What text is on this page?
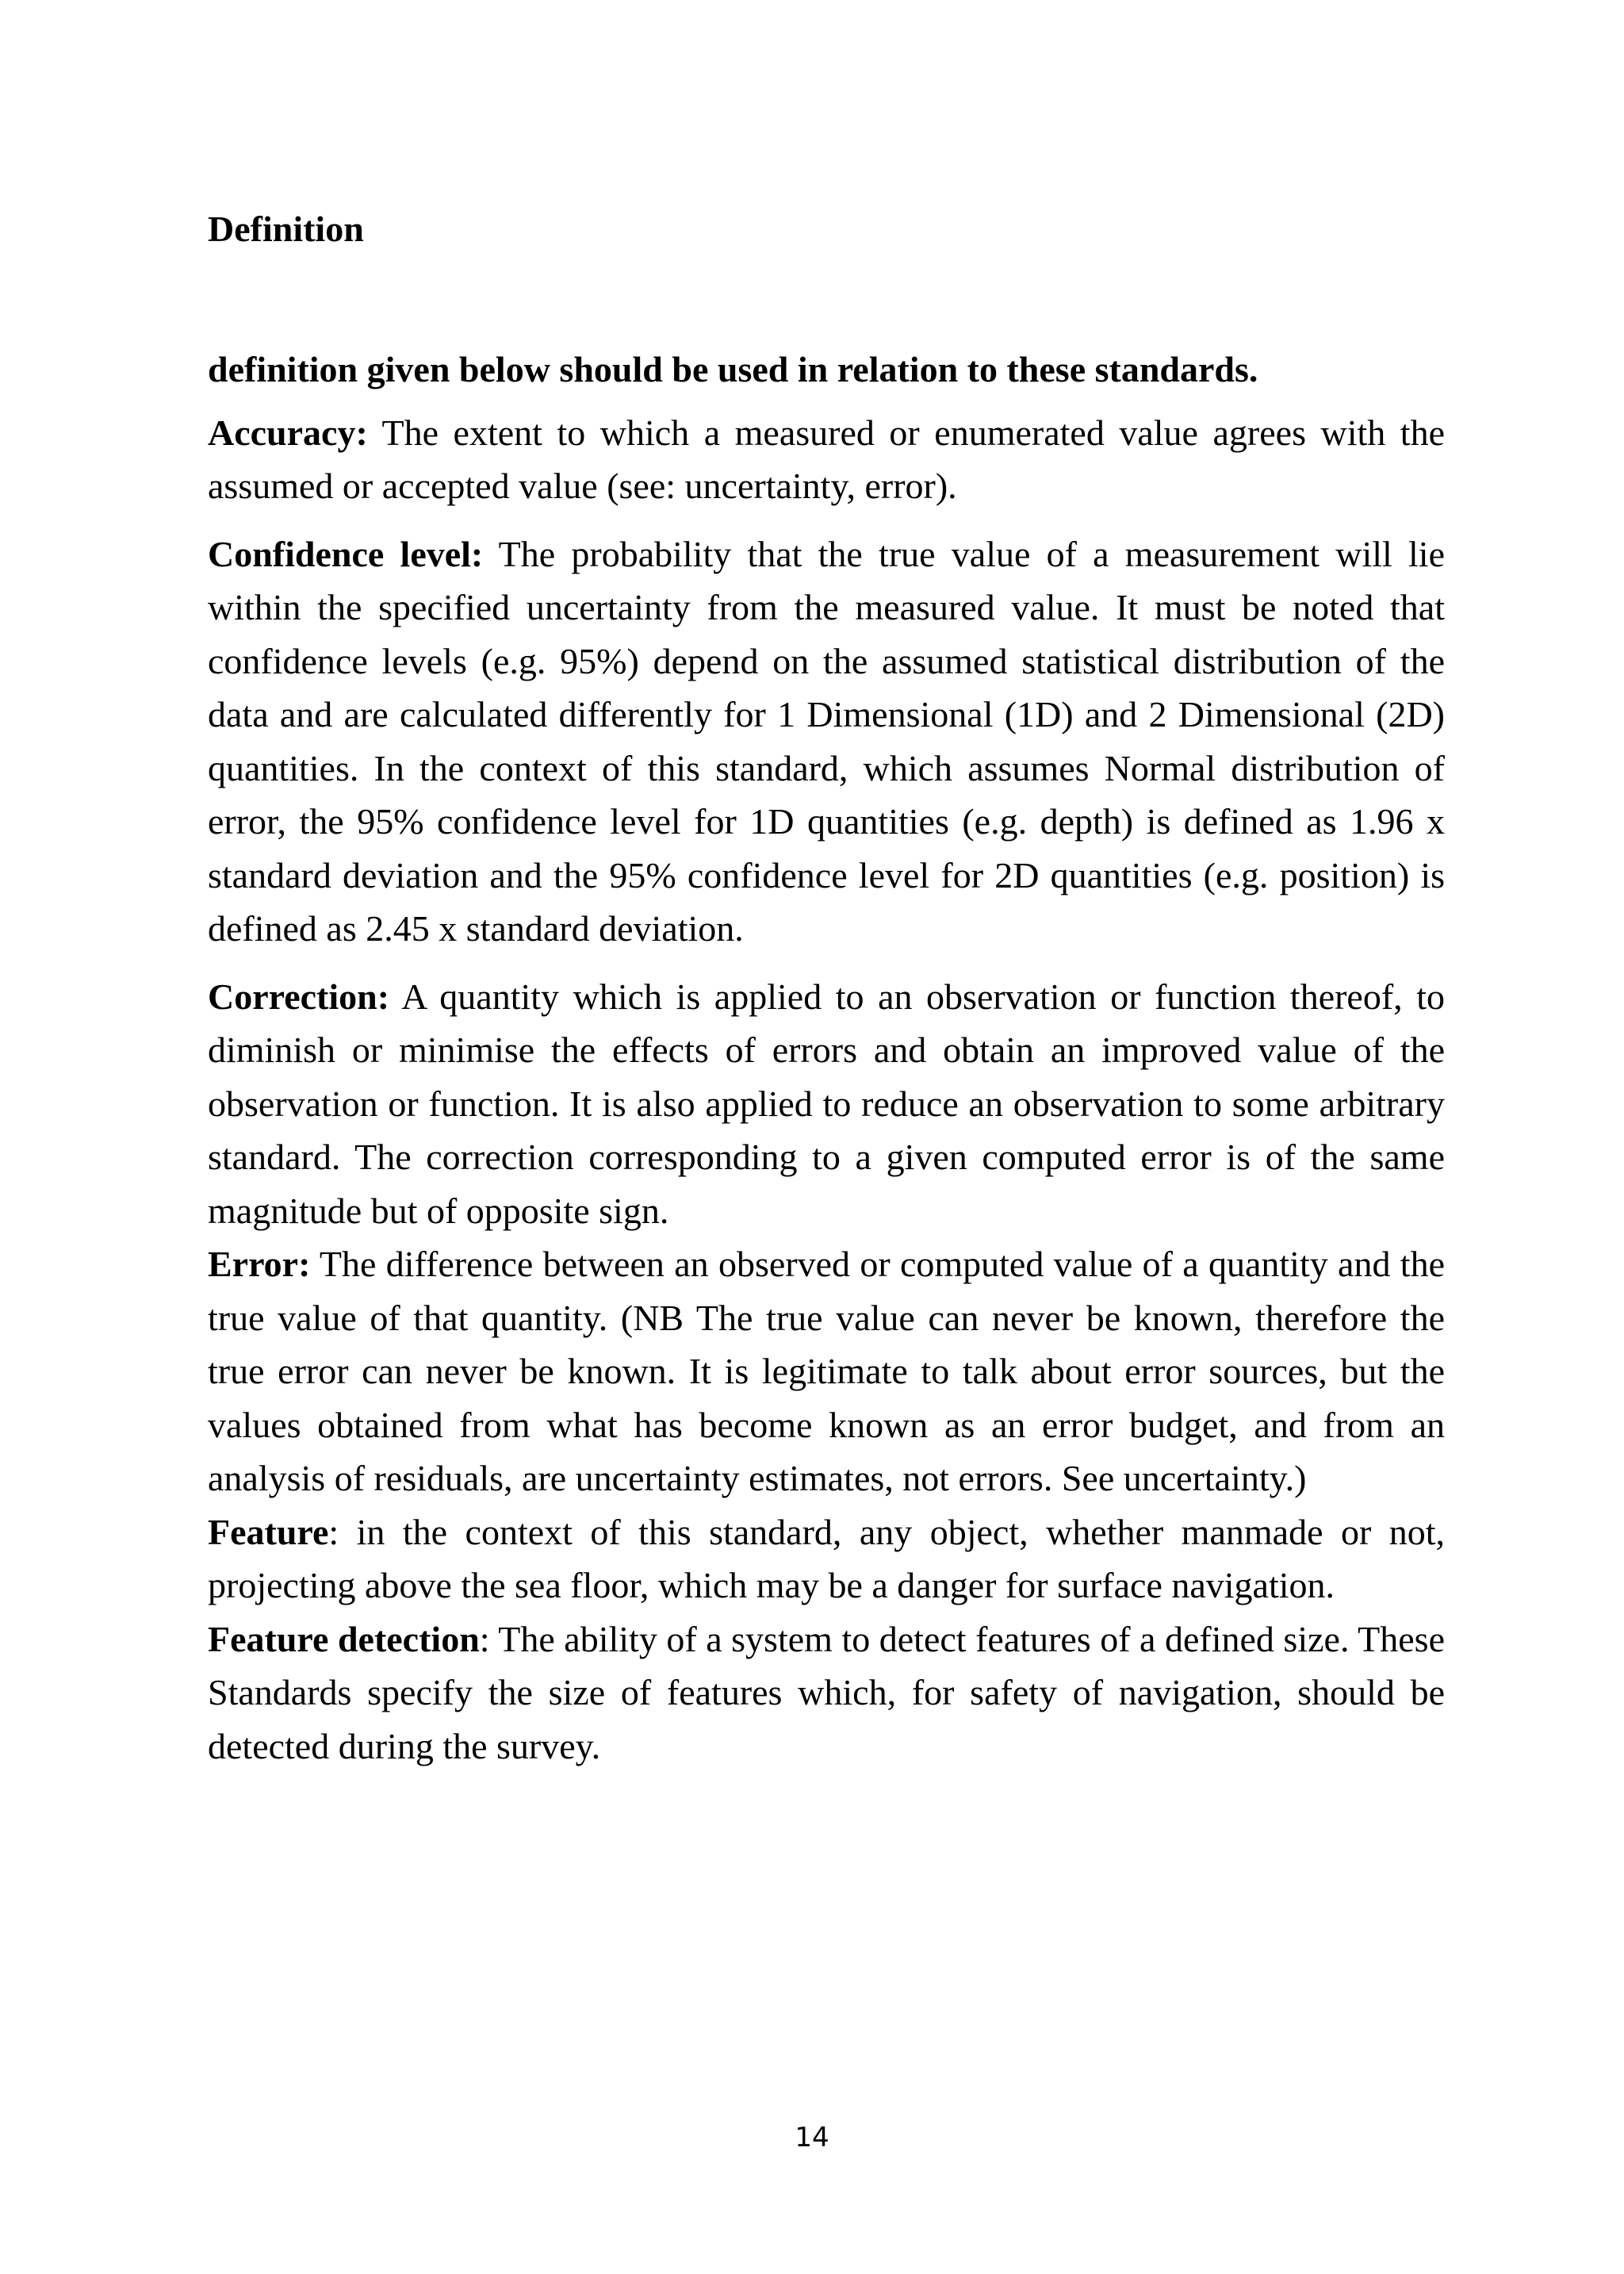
Definition

definition given below should be used in relation to these standards.

Accuracy: The extent to which a measured or enumerated value agrees with the assumed or accepted value (see: uncertainty, error).

Confidence level: The probability that the true value of a measurement will lie within the specified uncertainty from the measured value. It must be noted that confidence levels (e.g. 95%) depend on the assumed statistical distribution of the data and are calculated differently for 1 Dimensional (1D) and 2 Dimensional (2D) quantities. In the context of this standard, which assumes Normal distribution of error, the 95% confidence level for 1D quantities (e.g. depth) is defined as 1.96 x standard deviation and the 95% confidence level for 2D quantities (e.g. position) is defined as 2.45 x standard deviation.

Correction: A quantity which is applied to an observation or function thereof, to diminish or minimise the effects of errors and obtain an improved value of the observation or function. It is also applied to reduce an observation to some arbitrary standard. The correction corresponding to a given computed error is of the same magnitude but of opposite sign.

Error: The difference between an observed or computed value of a quantity and the true value of that quantity. (NB The true value can never be known, therefore the true error can never be known. It is legitimate to talk about error sources, but the values obtained from what has become known as an error budget, and from an analysis of residuals, are uncertainty estimates, not errors. See uncertainty.)

Feature: in the context of this standard, any object, whether manmade or not, projecting above the sea floor, which may be a danger for surface navigation.

Feature detection: The ability of a system to detect features of a defined size. These Standards specify the size of features which, for safety of navigation, should be detected during the survey.

14
